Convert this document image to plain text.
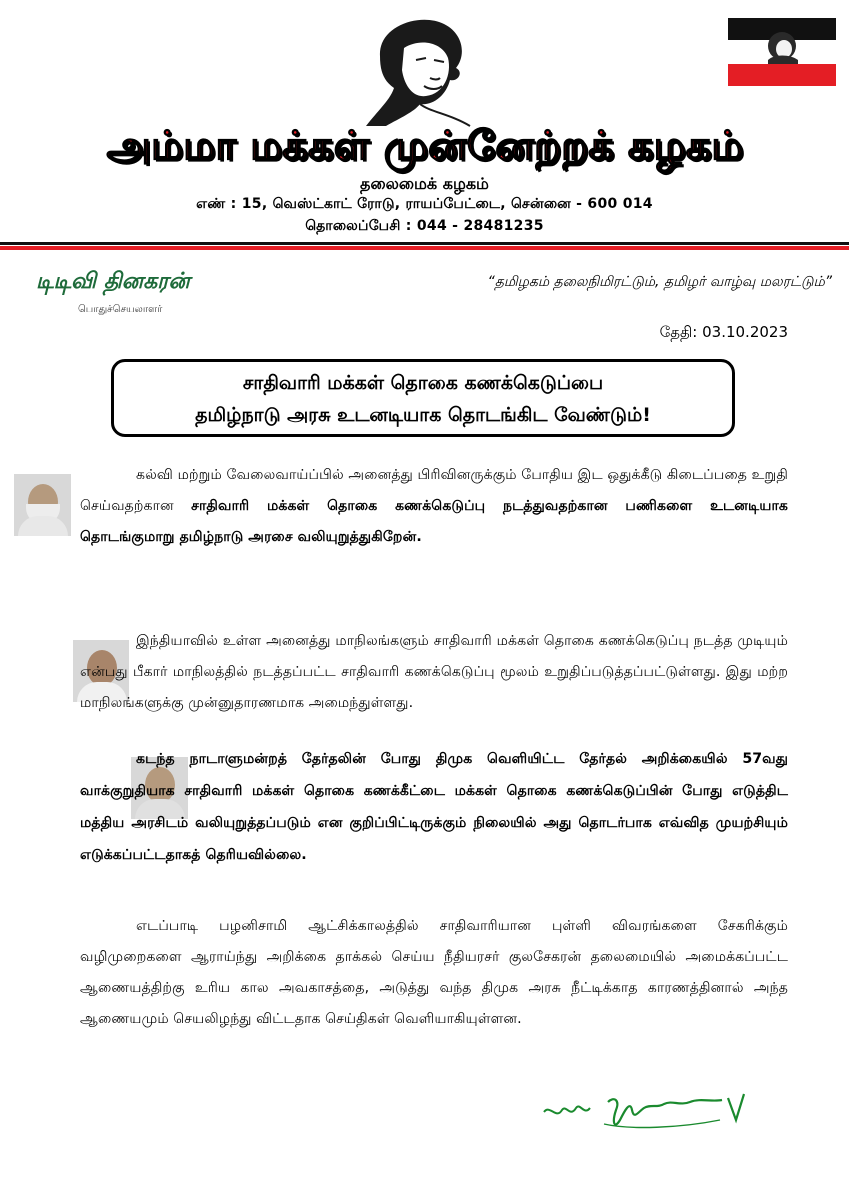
அம்மா மக்கள் முன்னேற்றக் கழகம்
தலைமைக் கழகம்
எண் : 15, வெஸ்ட்காட் ரோடு, ராயப்பேட்டை, சென்னை - 600 014
தொலைப்பேசி : 044 - 28481235
டிடிவி தினகரன்
பொதுச்செயலாளர்
“தமிழகம் தலைநிமிரட்டும், தமிழர் வாழ்வு மலரட்டும்”
தேதி: 03.10.2023
சாதிவாரி மக்கள் தொகை கணக்கெடுப்பை
தமிழ்நாடு அரசு உடனடியாக தொடங்கிட வேண்டும்!
கல்வி மற்றும் வேலைவாய்ப்பில் அனைத்து பிரிவினருக்கும் போதிய இட ஒதுக்கீடு கிடைப்பதை உறுதி செய்வதற்கான சாதிவாரி மக்கள் தொகை கணக்கெடுப்பு நடத்துவதற்கான பணிகளை உடனடியாக தொடங்குமாறு தமிழ்நாடு அரசை வலியுறுத்துகிறேன்.
இந்தியாவில் உள்ள அனைத்து மாநிலங்களும் சாதிவாரி மக்கள் தொகை கணக்கெடுப்பு நடத்த முடியும் என்பது பீகார் மாநிலத்தில் நடத்தப்பட்ட சாதிவாரி கணக்கெடுப்பு மூலம் உறுதிப்படுத்தப்பட்டுள்ளது. இது மற்ற மாநிலங்களுக்கு முன்னுதாரணமாக அமைந்துள்ளது.
கடந்த நாடாளுமன்றத் தேர்தலின் போது திமுக வெளியிட்ட தேர்தல் அறிக்கையில் 57வது வாக்குறுதியாக சாதிவாரி மக்கள் தொகை கணக்கீட்டை மக்கள் தொகை கணக்கெடுப்பின் போது எடுத்திட மத்திய அரசிடம் வலியுறுத்தப்படும் என குறிப்பிட்டிருக்கும் நிலையில் அது தொடர்பாக எவ்வித முயற்சியும் எடுக்கப்பட்டதாகத் தெரியவில்லை.
எடப்பாடி பழனிசாமி ஆட்சிக்காலத்தில் சாதிவாரியான புள்ளி விவரங்களை சேகரிக்கும் வழிமுறைகளை ஆராய்ந்து அறிக்கை தாக்கல் செய்ய நீதியரசர் குலசேகரன் தலைமையில் அமைக்கப்பட்ட ஆணையத்திற்கு உரிய கால அவகாசத்தை, அடுத்து வந்த திமுக அரசு நீட்டிக்காத காரணத்தினால் அந்த ஆணையமும் செயலிழந்து விட்டதாக செய்திகள் வெளியாகியுள்ளன.
